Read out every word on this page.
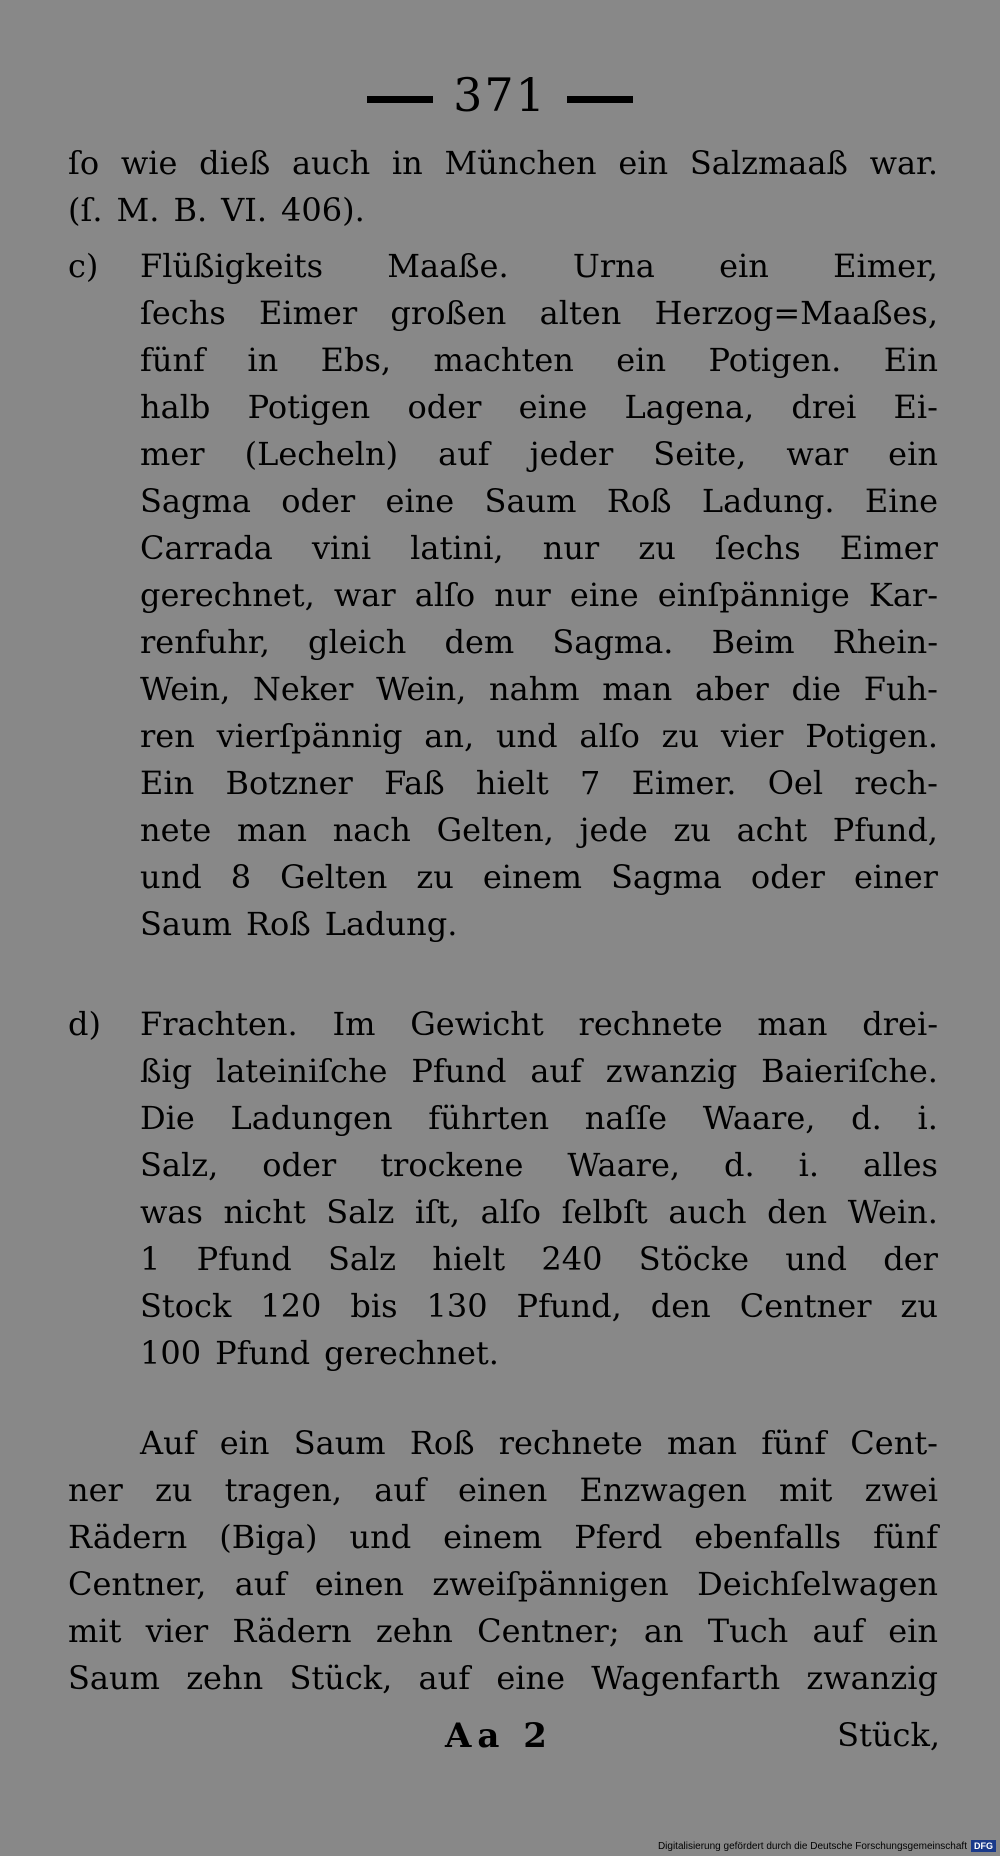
371
ſo wie dieß auch in München ein Salzmaaß war.
(ſ. M. B. VI. 406).
c)	Flüßigkeits Maaße. Urna ein Eimer,
ſechs Eimer großen alten Herzog=Maaßes,
fünf in Ebs, machten ein Potigen. Ein
halb Potigen oder eine Lagena, drei Ei-
mer (Lecheln) auf jeder Seite, war ein
Sagma oder eine Saum Roß Ladung. Eine
Carrada vini latini, nur zu ſechs Eimer
gerechnet, war alſo nur eine einſpännige Kar-
renfuhr, gleich dem Sagma. Beim Rhein-
Wein, Neker Wein, nahm man aber die Fuh-
ren vierſpännig an, und alſo zu vier Potigen.
Ein Botzner Faß hielt 7 Eimer. Oel rech-
nete man nach Gelten, jede zu acht Pfund,
und 8 Gelten zu einem Sagma oder einer
Saum Roß Ladung.
d)	Frachten. Im Gewicht rechnete man drei-
ßig lateiniſche Pfund auf zwanzig Baieriſche.
Die Ladungen führten naſſe Waare, d. i.
Salz, oder trockene Waare, d. i. alles
was nicht Salz iſt, alſo ſelbſt auch den Wein.
1 Pfund Salz hielt 240 Stöcke und der
Stock 120 bis 130 Pfund, den Centner zu
100 Pfund gerechnet.
Auf ein Saum Roß rechnete man fünf Cent-
ner zu tragen, auf einen Enzwagen mit zwei
Rädern (Biga) und einem Pferd ebenfalls fünf
Centner, auf einen zweiſpännigen Deichſelwagen
mit vier Rädern zehn Centner; an Tuch auf ein
Saum zehn Stück, auf eine Wagenfarth zwanzig
Aa 2	Stück,
Digitalisierung gefördert durch die Deutsche Forschungsgemeinschaft DFG
